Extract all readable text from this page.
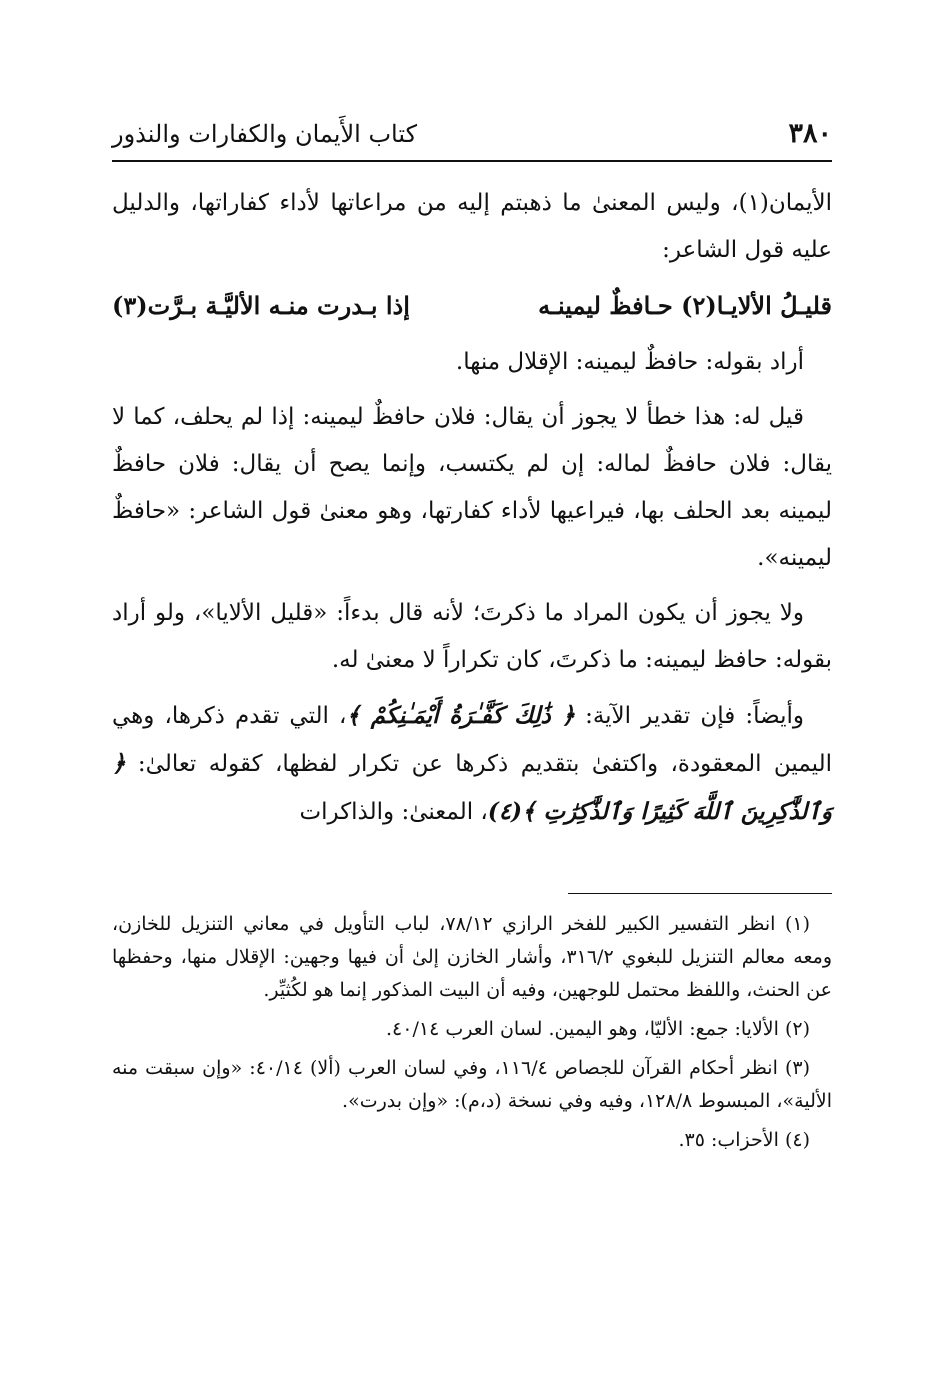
٣٨٠
كتاب الأَيمان والكفارات والنذور

الأيمان(١)، وليس المعنىٰ ما ذهبتم إليه من مراعاتها لأداء كفاراتها، والدليل عليه قول الشاعر:

قليـلُ الألايـا(٢) حـافظٌ ليمينـه
إذا بـدرت منـه الأليَّـة بـرَّت(٣)

أراد بقوله: حافظٌ ليمينه: الإقلال منها.

قيل له: هذا خطأ لا يجوز أن يقال: فلان حافظٌ ليمينه: إذا لم يحلف، كما لا يقال: فلان حافظٌ لماله: إن لم يكتسب، وإنما يصح أن يقال: فلان حافظٌ ليمينه بعد الحلف بها، فيراعيها لأداء كفارتها، وهو معنىٰ قول الشاعر: «حافظٌ ليمينه».

ولا يجوز أن يكون المراد ما ذكرتَ؛ لأنه قال بدءاً: «قليل الألايا»، ولو أراد بقوله: حافظ ليمينه: ما ذكرتَ، كان تكراراً لا معنىٰ له.

وأيضاً: فإن تقدير الآية: ﴿ ذَٰلِكَ كَفَّـٰرَةُ أَيْمَـٰنِكُمْ ﴾، التي تقدم ذكرها، وهي اليمين المعقودة، واكتفىٰ بتقديم ذكرها عن تكرار لفظها، كقوله تعالىٰ: ﴿ وَٱلذَّٰكِرِينَ ٱللَّهَ كَثِيرًا وَٱلذَّٰكِرَٰتِ ﴾(٤)، المعنىٰ: والذاكرات

(١) انظر التفسير الكبير للفخر الرازي ٧٨/١٢، لباب التأويل في معاني التنزيل للخازن، ومعه معالم التنزيل للبغوي ٣١٦/٢، وأشار الخازن إلىٰ أن فيها وجهين: الإقلال منها، وحفظها عن الحنث، واللفظ محتمل للوجهين، وفيه أن البيت المذكور إنما هو لكُثيِّر.

(٢) الألايا: جمع: الأليّا، وهو اليمين. لسان العرب ٤٠/١٤.

(٣) انظر أحكام القرآن للجصاص ١١٦/٤، وفي لسان العرب (ألا) ٤٠/١٤: «وإن سبقت منه الألية»، المبسوط ١٢٨/٨، وفيه وفي نسخة (د،م): «وإن بدرت».

(٤) الأحزاب: ٣٥.
